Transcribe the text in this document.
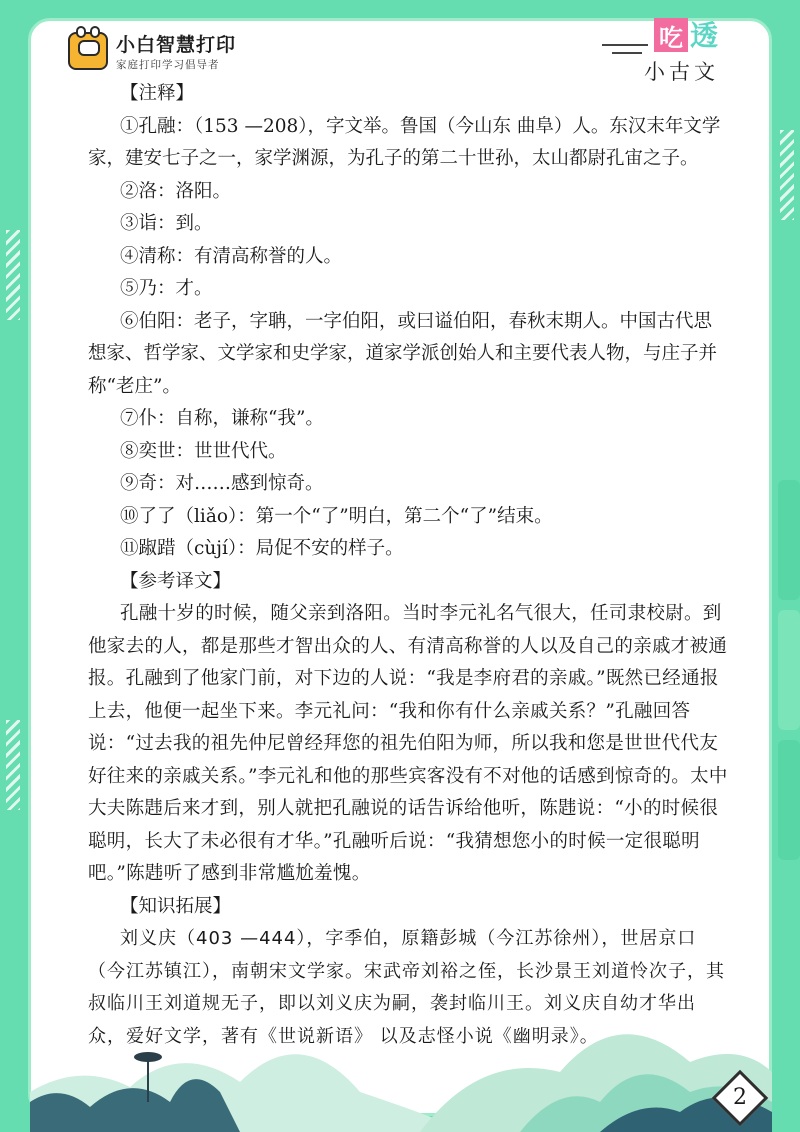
小白智慧打印
家庭打印学习倡导者
吃 透
小古文

【注释】

①孔融：（153 —208），字文举。鲁国（今山东 曲阜）人。东汉末年文学家，建安七子之一，家学渊源，为孔子的第二十世孙，太山都尉孔宙之子。

②洛：洛阳。

③诣：到。

④清称：有清高称誉的人。

⑤乃：才。

⑥伯阳：老子，字聃，一字伯阳，或曰谥伯阳，春秋末期人。中国古代思想家、哲学家、文学家和史学家，道家学派创始人和主要代表人物，与庄子并称“老庄”。

⑦仆：自称，谦称“我”。

⑧奕世：世世代代。

⑨奇：对……感到惊奇。

⑩了了（liǎo）：第一个“了”明白，第二个“了”结束。

⑪踧踖（cùjí）：局促不安的样子。

【参考译文】

孔融十岁的时候，随父亲到洛阳。当时李元礼名气很大，任司隶校尉。到他家去的人，都是那些才智出众的人、有清高称誉的人以及自己的亲戚才被通报。孔融到了他家门前，对下边的人说：“我是李府君的亲戚。”既然已经通报上去，他便一起坐下来。李元礼问：“我和你有什么亲戚关系？”孔融回答说：“过去我的祖先仲尼曾经拜您的祖先伯阳为师，所以我和您是世世代代友好往来的亲戚关系。”李元礼和他的那些宾客没有不对他的话感到惊奇的。太中大夫陈韪后来才到，别人就把孔融说的话告诉给他听，陈韪说：“小的时候很聪明，长大了未必很有才华。”孔融听后说：“我猜想您小的时候一定很聪明吧。”陈韪听了感到非常尴尬羞愧。

【知识拓展】

刘义庆（403 —444），字季伯，原籍彭城（今江苏徐州），世居京口（今江苏镇江），南朝宋文学家。宋武帝刘裕之侄，长沙景王刘道怜次子，其叔临川王刘道规无子，即以刘义庆为嗣，袭封临川王。刘义庆自幼才华出众，爱好文学，著有《世说新语》 以及志怪小说《幽明录》。

2
